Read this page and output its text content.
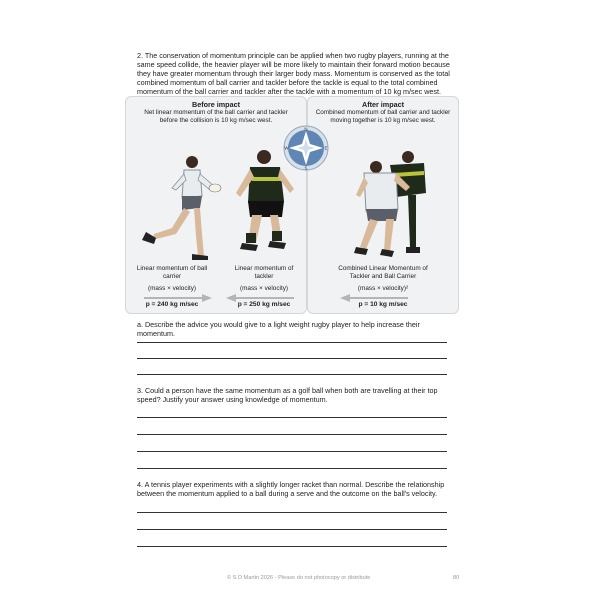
2. The conservation of momentum principle can be applied when two rugby players, running at the same speed collide, the heavier player will be more likely to maintain their forward motion because they have greater momentum through their larger body mass. Momentum is conserved as the total combined momentum of ball carrier and tackler before the tackle is equal to the total combined momentum of the ball carrier and tackler after the tackle with a momentum of 10 kg m/sec west.
Before impact
Net linear momentum of the ball carrier and tackler before the collision is 10 kg m/sec west.
Linear momentum of ball carrier
Linear momentum of tackler
(mass × velocity)	(mass × velocity)
p = 240 kg m/sec	p = 250 kg m/sec
After impact
Combined momentum of ball carrier and tackler moving together is 10 kg m/sec west.
Combined Linear Momentum of Tackler and Ball Carrier
(mass × velocity)²
p = 10 kg m/sec
N
S
E
W
a. Describe the advice you would give to a light weight rugby player to help increase their momentum.
3. Could a person have the same momentum as a golf ball when both are travelling at their top speed? Justify your answer using knowledge of momentum.
4. A tennis player experiments with a slightly longer racket than normal. Describe the relationship between the momentum applied to a ball during a serve and the outcome on the ball's velocity.
© S D Martin 2026 - Please do not photocopy or distribute	80
